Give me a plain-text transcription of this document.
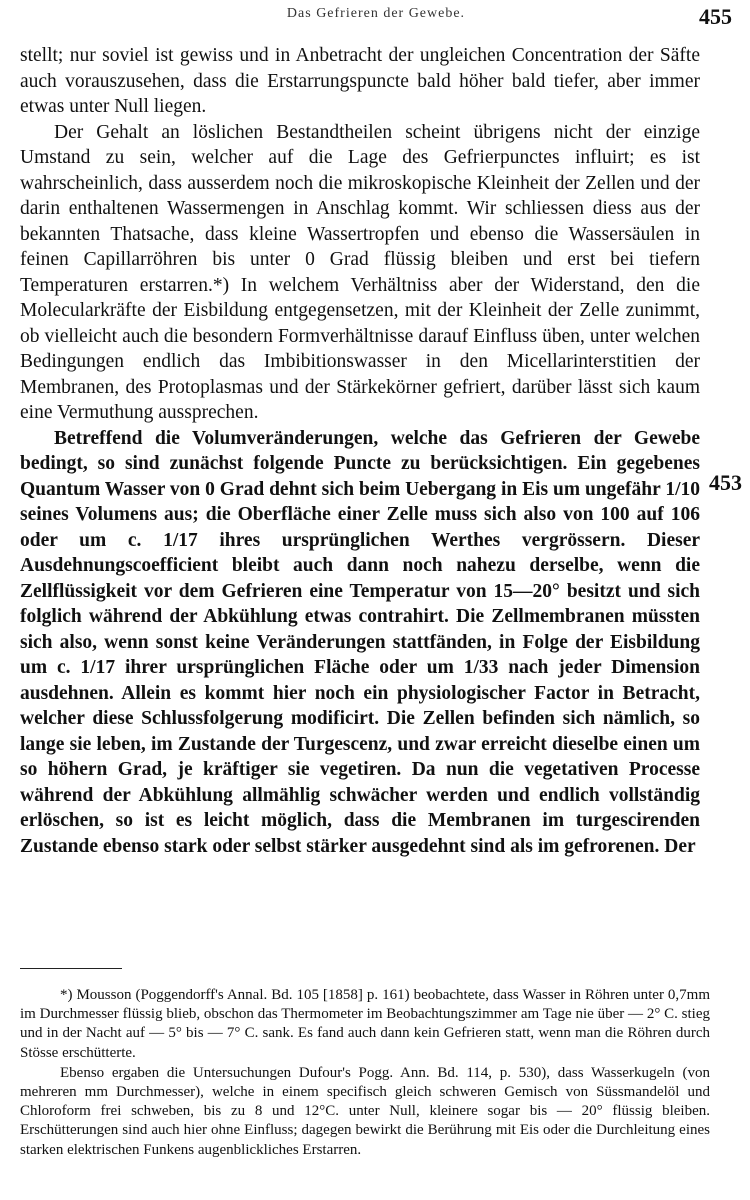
Das Gefrieren der Gewebe.	455

stellt; nur soviel ist gewiss und in Anbetracht der ungleichen Concentration der Säfte auch vorauszusehen, dass die Erstarrungspuncte bald höher bald tiefer, aber immer etwas unter Null liegen.

Der Gehalt an löslichen Bestandtheilen scheint übrigens nicht der einzige Umstand zu sein, welcher auf die Lage des Gefrierpunctes influirt; es ist wahrscheinlich, dass ausserdem noch die mikroskopische Kleinheit der Zellen und der darin enthaltenen Wassermengen in Anschlag kommt. Wir schliessen diess aus der bekannten Thatsache, dass kleine Wassertropfen und ebenso die Wassersäulen in feinen Capillarröhren bis unter 0 Grad flüssig bleiben und erst bei tiefern Temperaturen erstarren.*) In welchem Verhältniss aber der Widerstand, den die Molecularkräfte der Eisbildung entgegensetzen, mit der Kleinheit der Zelle zunimmt, ob vielleicht auch die besondern Formverhältnisse darauf Einfluss üben, unter welchen Bedingungen endlich das Imbibitionswasser in den Micellarinterstitien der Membranen, des Protoplasmas und der Stärkekörner gefriert, darüber lässt sich kaum eine Vermuthung aussprechen.

Betreffend die Volumveränderungen, welche das Gefrieren der Gewebe bedingt, so sind zunächst folgende Puncte zu berücksichtigen. Ein gegebenes Quantum Wasser von 0 Grad dehnt sich beim Uebergang in Eis um ungefähr 1/10 seines Volumens aus; die Oberfläche einer Zelle muss sich also von 100 auf 106 oder um c. 1/17 ihres ursprünglichen Werthes vergrössern. Dieser Ausdehnungscoefficient bleibt auch dann noch nahezu derselbe, wenn die Zellflüssigkeit vor dem Gefrieren eine Temperatur von 15—20° besitzt und sich folglich während der Abkühlung etwas contrahirt. Die Zellmembranen müssten sich also, wenn sonst keine Veränderungen stattfänden, in Folge der Eisbildung um c. 1/17 ihrer ursprünglichen Fläche oder um 1/33 nach jeder Dimension ausdehnen. Allein es kommt hier noch ein physiologischer Factor in Betracht, welcher diese Schlussfolgerung modificirt. Die Zellen befinden sich nämlich, so lange sie leben, im Zustande der Turgescenz, und zwar erreicht dieselbe einen um so höhern Grad, je kräftiger sie vegetiren. Da nun die vegetativen Processe während der Abkühlung allmählig schwächer werden und endlich vollständig erlöschen, so ist es leicht möglich, dass die Membranen im turgescirenden Zustande ebenso stark oder selbst stärker ausgedehnt sind als im gefrorenen. Der

453

*) Mousson (Poggendorff's Annal. Bd. 105 [1858] p. 161) beobachtete, dass Wasser in Röhren unter 0,7mm im Durchmesser flüssig blieb, obschon das Thermometer im Beobachtungszimmer am Tage nie über — 2° C. stieg und in der Nacht auf — 5° bis — 7° C. sank. Es fand auch dann kein Gefrieren statt, wenn man die Röhren durch Stösse erschütterte.

Ebenso ergaben die Untersuchungen Dufour's Pogg. Ann. Bd. 114, p. 530), dass Wasserkugeln (von mehreren mm Durchmesser), welche in einem specifisch gleich schweren Gemisch von Süssmandelöl und Chloroform frei schweben, bis zu 8 und 12°C. unter Null, kleinere sogar bis — 20° flüssig bleiben. Erschütterungen sind auch hier ohne Einfluss; dagegen bewirkt die Berührung mit Eis oder die Durchleitung eines starken elektrischen Funkens augenblickliches Erstarren.
